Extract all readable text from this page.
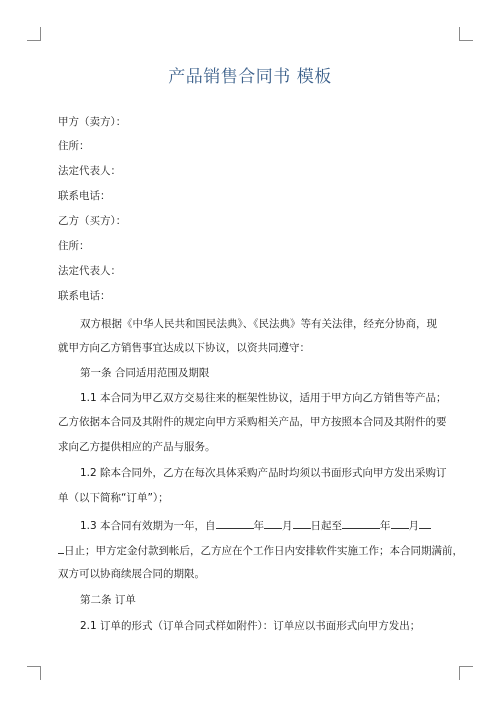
产品销售合同书 模板
甲方（卖方）：
住所：
法定代表人：
联系电话：
乙方（买方）：
住所：
法定代表人：
联系电话：
双方根据《中华人民共和国民法典》、《民法典》等有关法律，经充分协商，现
就甲方向乙方销售事宜达成以下协议，以资共同遵守：
第一条 合同适用范围及期限
1.1 本合同为甲乙双方交易往来的框架性协议，适用于甲方向乙方销售等产品；
乙方依据本合同及其附件的规定向甲方采购相关产品，甲方按照本合同及其附件的要
求向乙方提供相应的产品与服务。
1.2 除本合同外，乙方在每次具体采购产品时均须以书面形式向甲方发出采购订
单（以下简称“订单”）；
1.3 本合同有效期为一年，自	年 月 日起至	年 月
日止；甲方定金付款到帐后，乙方应在个工作日内安排软件实施工作；本合同期满前，
双方可以协商续展合同的期限。
第二条 订单
2.1 订单的形式（订单合同式样如附件）：订单应以书面形式向甲方发出；
